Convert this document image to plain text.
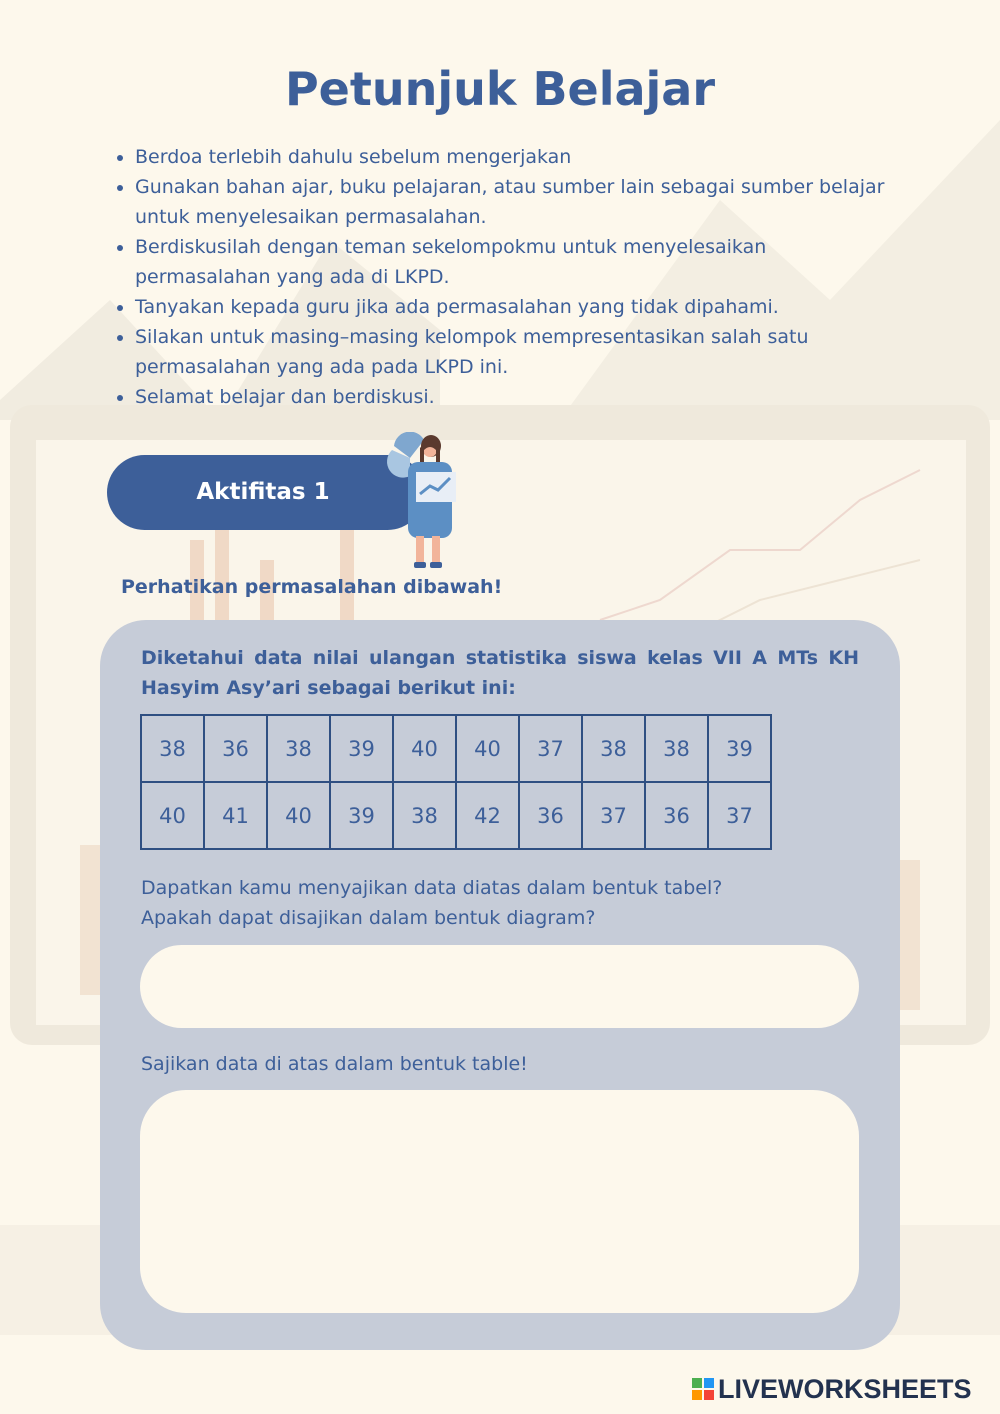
Petunjuk Belajar
• Berdoa terlebih dahulu sebelum mengerjakan
• Gunakan bahan ajar, buku pelajaran, atau sumber lain sebagai sumber belajar untuk menyelesaikan permasalahan.
• Berdiskusilah dengan teman sekelompokmu untuk menyelesaikan permasalahan yang ada di LKPD.
• Tanyakan kepada guru jika ada permasalahan yang tidak dipahami.
• Silakan untuk masing–masing kelompok mempresentasikan salah satu permasalahan yang ada pada LKPD ini.
• Selamat belajar dan berdiskusi.
Aktifitas 1

Perhatikan permasalahan dibawah!

Diketahui data nilai ulangan statistika siswa kelas VII A MTs KH Hasyim Asy’ari sebagai berikut ini:

38	36	38	39	40	40	37	38	38	39
40	41	40	39	38	42	36	37	36	37
Dapatkan kamu menyajikan data diatas dalam bentuk tabel?
Apakah dapat disajikan dalam bentuk diagram?

Sajikan data di atas dalam bentuk table!

LIVEWORKSHEETS
